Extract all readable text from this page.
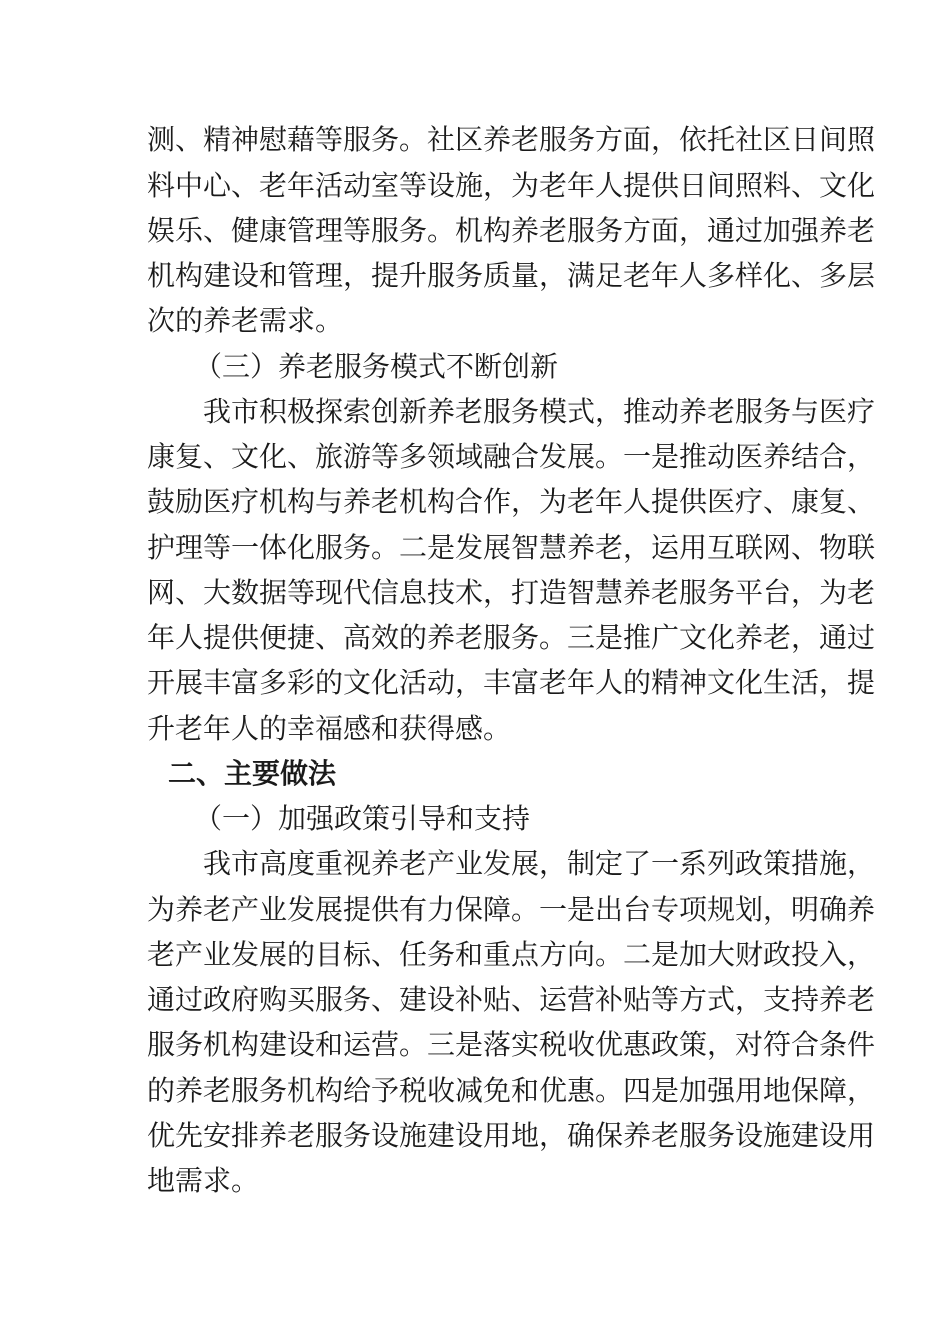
测、精神慰藉等服务。社区养老服务方面，依托社区日间照
料中心、老年活动室等设施，为老年人提供日间照料、文化
娱乐、健康管理等服务。机构养老服务方面，通过加强养老
机构建设和管理，提升服务质量，满足老年人多样化、多层
次的养老需求。
（三）养老服务模式不断创新
我市积极探索创新养老服务模式，推动养老服务与医疗
康复、文化、旅游等多领域融合发展。一是推动医养结合，
鼓励医疗机构与养老机构合作，为老年人提供医疗、康复、
护理等一体化服务。二是发展智慧养老，运用互联网、物联
网、大数据等现代信息技术，打造智慧养老服务平台，为老
年人提供便捷、高效的养老服务。三是推广文化养老，通过
开展丰富多彩的文化活动，丰富老年人的精神文化生活，提
升老年人的幸福感和获得感。
二、主要做法
（一）加强政策引导和支持
我市高度重视养老产业发展，制定了一系列政策措施，
为养老产业发展提供有力保障。一是出台专项规划，明确养
老产业发展的目标、任务和重点方向。二是加大财政投入，
通过政府购买服务、建设补贴、运营补贴等方式，支持养老
服务机构建设和运营。三是落实税收优惠政策，对符合条件
的养老服务机构给予税收减免和优惠。四是加强用地保障，
优先安排养老服务设施建设用地，确保养老服务设施建设用
地需求。
